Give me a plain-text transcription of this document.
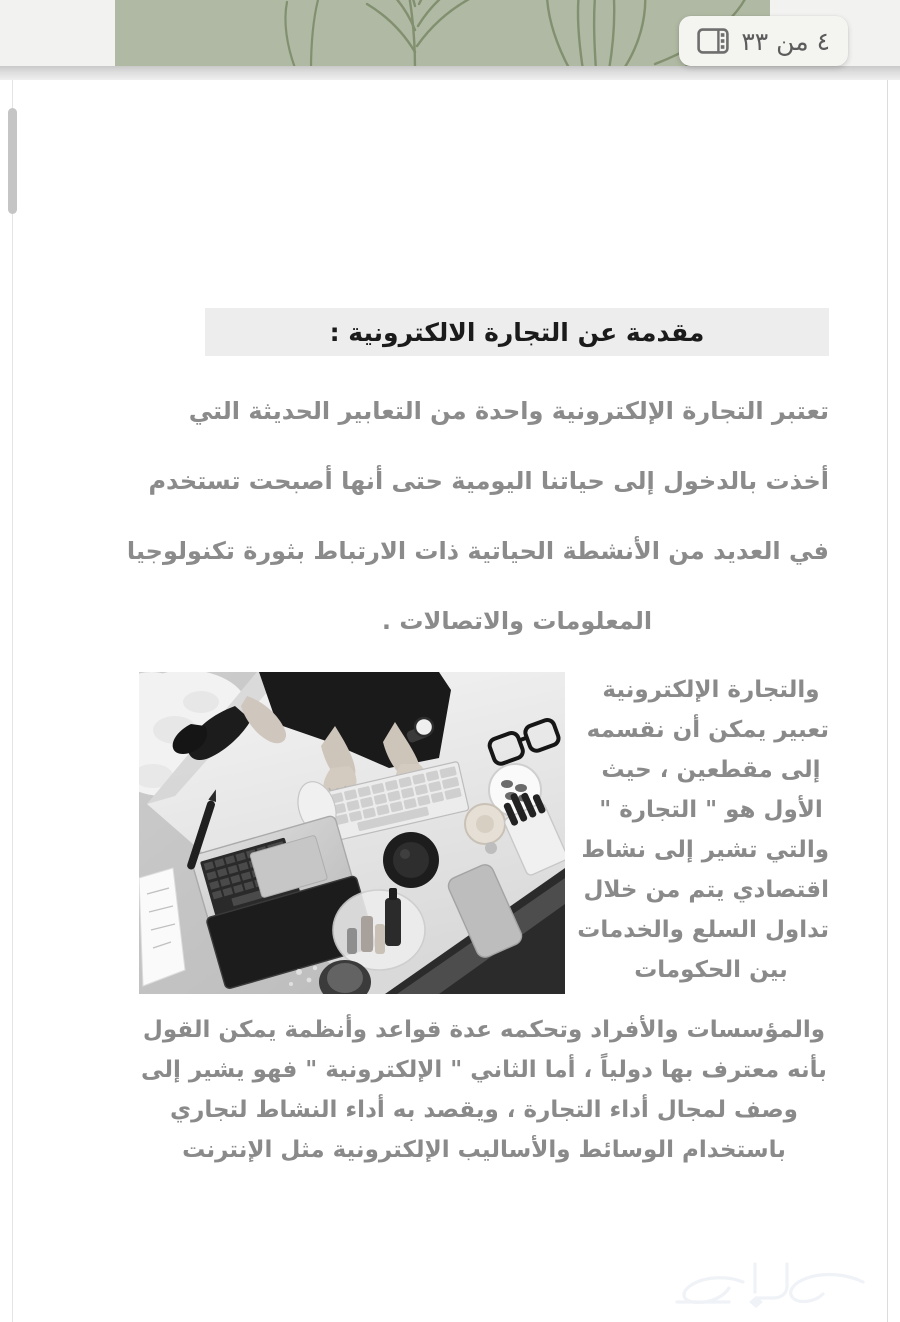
٤ من ٣٣
مقدمة عن التجارة الالكترونية :
تعتبر التجارة الإلكترونية واحدة من التعابير الحديثة التي
أخذت بالدخول إلى حياتنا اليومية حتى أنها أصبحت تستخدم
في العديد من الأنشطة الحياتية ذات الارتباط بثورة تكنولوجيا
المعلومات والاتصالات .
والتجارة الإلكترونية
تعبير يمكن أن نقسمه
إلى مقطعين ، حيث
الأول هو " التجارة "
والتي تشير إلى نشاط
اقتصادي يتم من خلال
تداول السلع والخدمات
بين الحكومات
والمؤسسات والأفراد وتحكمه عدة قواعد وأنظمة يمكن القول
بأنه معترف بها دولياً ، أما الثاني " الإلكترونية " فهو يشير إلى
وصف لمجال أداء التجارة ، ويقصد به أداء النشاط لتجاري
باستخدام الوسائط والأساليب الإلكترونية مثل الإنترنت
